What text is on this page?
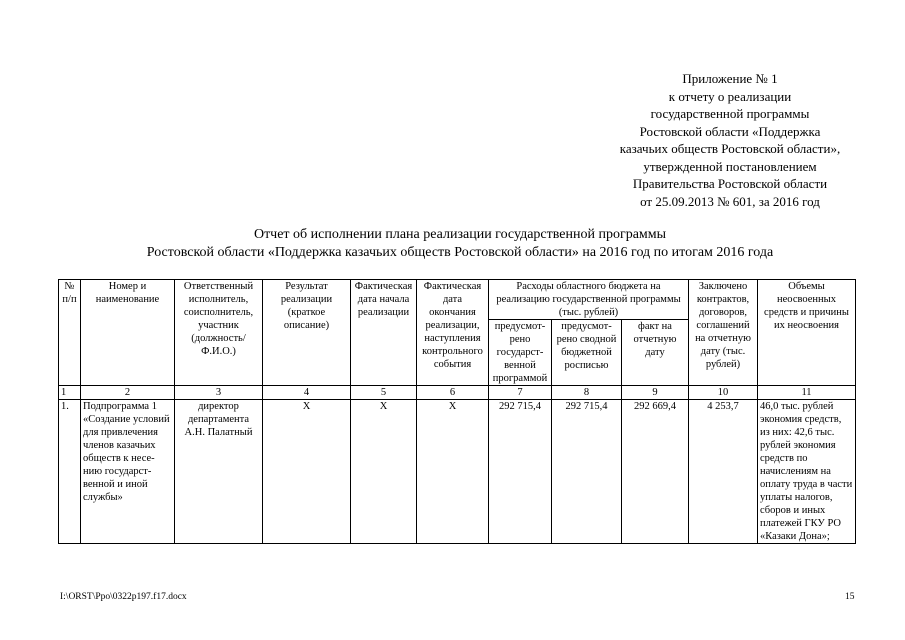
Приложение № 1
к отчету о реализации
государственной программы
Ростовской области «Поддержка
казачьих обществ Ростовской области»,
утвержденной постановлением
Правительства Ростовской области
от 25.09.2013 № 601, за 2016 год
Отчет об исполнении плана реализации государственной программы
Ростовской области «Поддержка казачьих обществ Ростовской области» на 2016 год по итогам 2016 года
№ п/п	Номер и наименование	Ответственный исполнитель, соисполнитель, участник (должность/ Ф.И.О.)	Результат реализации (краткое описание)	Фактическая дата начала реализации	Фактическая дата окончания реализации, наступления контрольного события	Расходы областного бюджета на реализацию государственной программы (тыс. рублей)			Заключено контрактов, договоров, соглашений на отчетную дату (тыс. рублей)	Объемы неосвоенных средств и причины их неосвоения
						предусмот-рено государст-венной программой	предусмот-рено сводной бюджетной росписью	факт на отчетную дату		
1	2	3	4	5	6	7	8	9	10	11
1.	Подпрограмма 1 «Создание условий для привлечения членов казачьих обществ к несе-нию государст-венной и иной службы»	директор департамента А.Н. Палатный	Х	Х	Х	292 715,4	292 715,4	292 669,4	4 253,7	46,0 тыс. рублей экономия средств, из них: 42,6 тыс. рублей экономия средств по начислениям на оплату труда в части уплаты налогов, сборов и иных платежей ГКУ РО «Казаки Дона»;
I:\ORST\Ppo\0322p197.f17.docx	15
